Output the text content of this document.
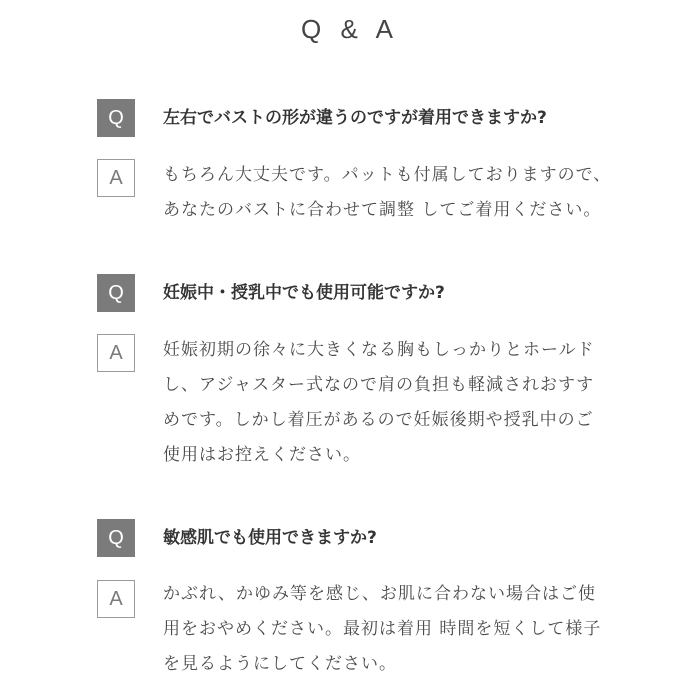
Q & A
Q	左右でバストの形が違うのですが着用できますか?
A	もちろん大丈夫です。パットも付属しておりますので、
あなたのバストに合わせて調整 してご着用ください。
Q	妊娠中・授乳中でも使用可能ですか?
A	妊娠初期の徐々に大きくなる胸もしっかりとホールド
し、アジャスター式なので肩の負担も軽減されおすす
めです。しかし着圧があるので妊娠後期や授乳中のご
使用はお控えください。
Q	敏感肌でも使用できますか?
A	かぶれ、かゆみ等を感じ、お肌に合わない場合はご使
用をおやめください。最初は着用 時間を短くして様子
を見るようにしてください。
